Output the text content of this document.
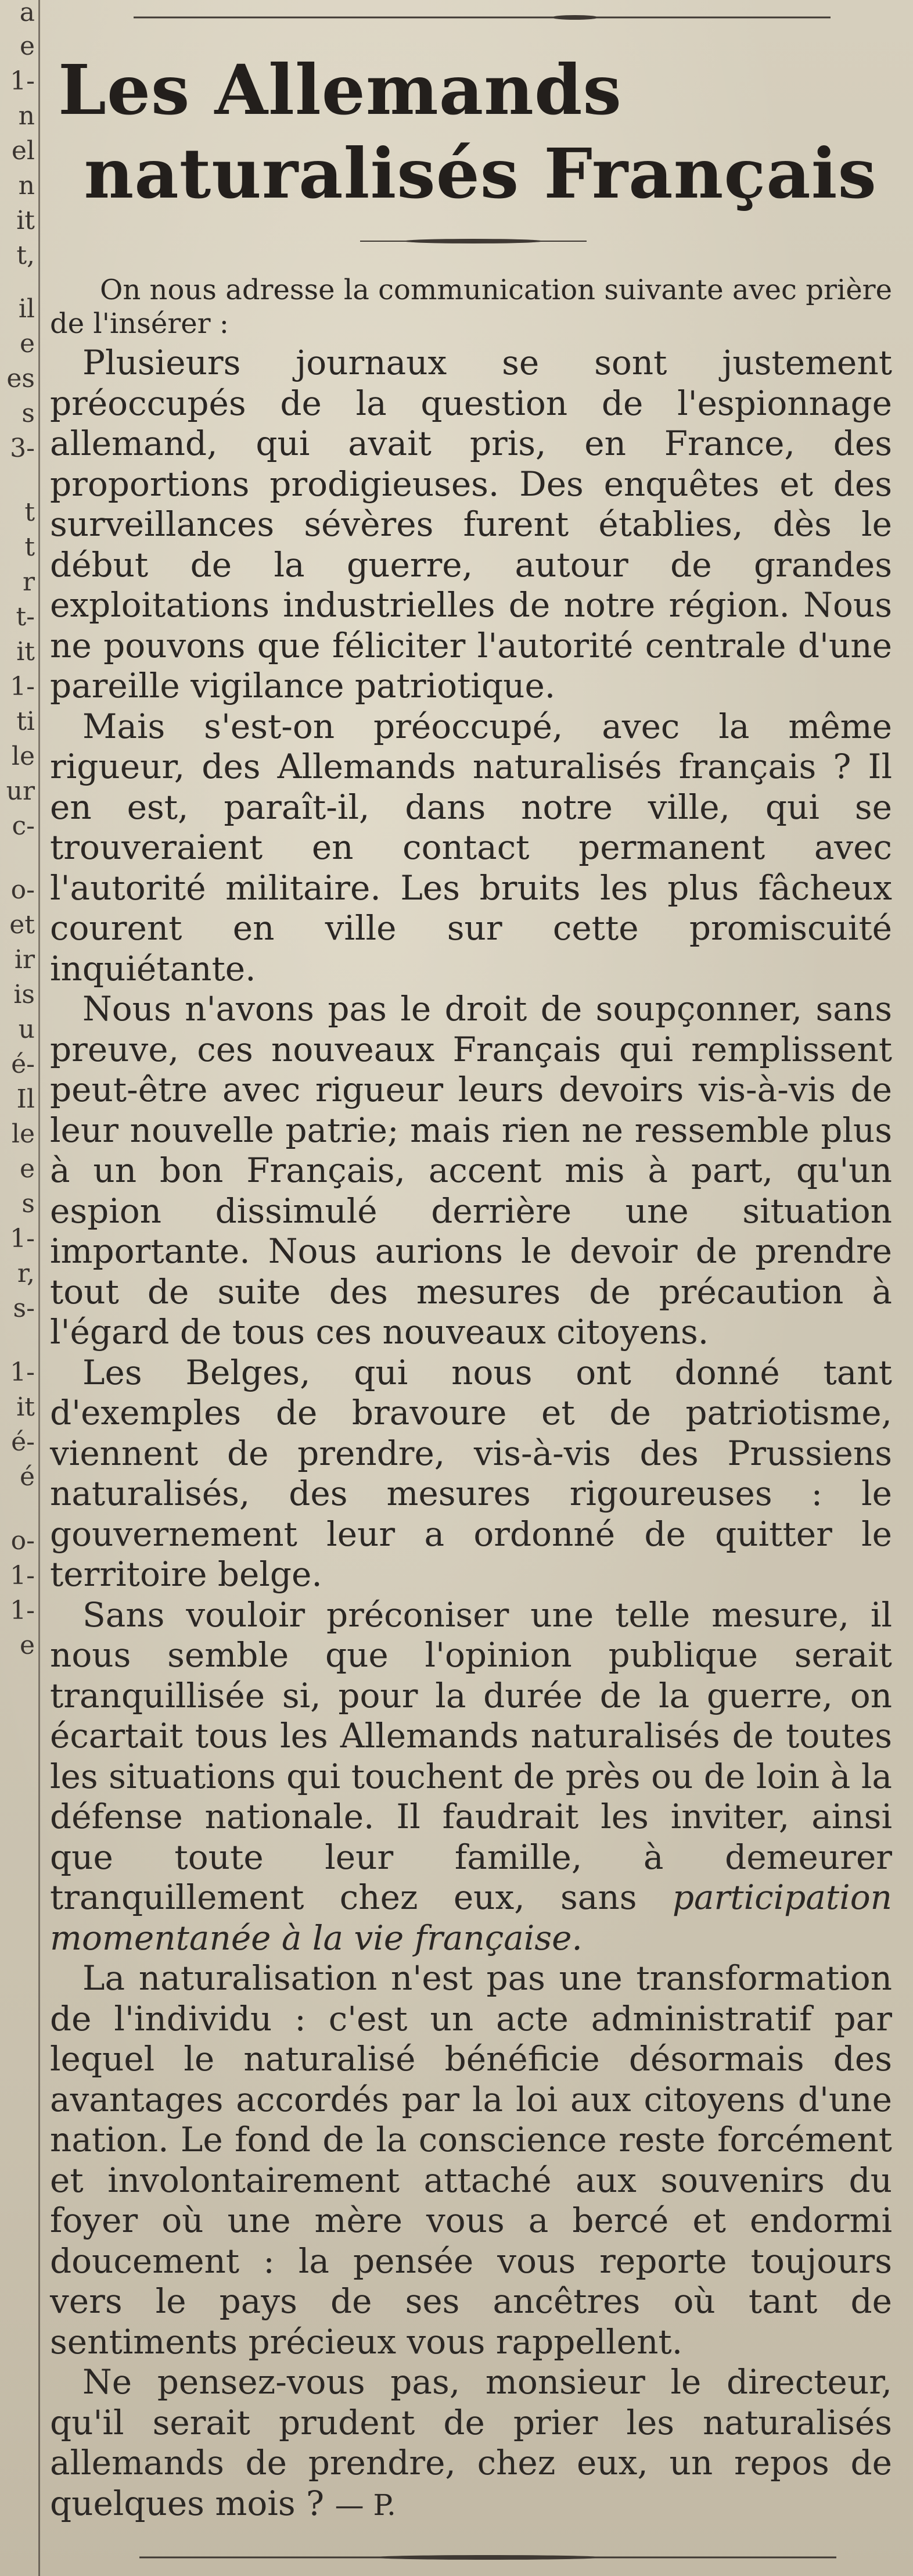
a
e
1-
n
el
n
it
t,
il
e
es
s
3-
t
t
r
t-
it
1-
ti
le
ur
c-
o-
et
ir
is
u
é-
Il
le
e
s
1-
r,
s-
1-
it
é-
é
o-
1-
1-
e
Les Allemands
naturalisés Français

On nous adresse la communication suivante avec prière de l'insérer :

Plusieurs journaux se sont justement préoccupés de la question de l'espionnage allemand, qui avait pris, en France, des proportions prodigieuses. Des enquêtes et des surveillances sévères furent établies, dès le début de la guerre, autour de grandes exploitations industrielles de notre région. Nous ne pouvons que féliciter l'autorité centrale d'une pareille vigilance patriotique.

Mais s'est-on préoccupé, avec la même rigueur, des Allemands naturalisés français ? Il en est, paraît-il, dans notre ville, qui se trouveraient en contact permanent avec l'autorité militaire. Les bruits les plus fâcheux courent en ville sur cette promiscuité inquiétante.

Nous n'avons pas le droit de soupçonner, sans preuve, ces nouveaux Français qui remplissent peut-être avec rigueur leurs devoirs vis-à-vis de leur nouvelle patrie; mais rien ne ressemble plus à un bon Français, accent mis à part, qu'un espion dissimulé derrière une situation importante. Nous aurions le devoir de prendre tout de suite des mesures de précaution à l'égard de tous ces nouveaux citoyens.

Les Belges, qui nous ont donné tant d'exemples de bravoure et de patriotisme, viennent de prendre, vis-à-vis des Prussiens naturalisés, des mesures rigoureuses : le gouvernement leur a ordonné de quitter le territoire belge.

Sans vouloir préconiser une telle mesure, il nous semble que l'opinion publique serait tranquillisée si, pour la durée de la guerre, on écartait tous les Allemands naturalisés de toutes les situations qui touchent de près ou de loin à la défense nationale. Il faudrait les inviter, ainsi que toute leur famille, à demeurer tranquillement chez eux, sans participation momentanée à la vie française.

La naturalisation n'est pas une transformation de l'individu : c'est un acte administratif par lequel le naturalisé bénéficie désormais des avantages accordés par la loi aux citoyens d'une nation. Le fond de la conscience reste forcément et involontairement attaché aux souvenirs du foyer où une mère vous a bercé et endormi doucement : la pensée vous reporte toujours vers le pays de ses ancêtres où tant de sentiments précieux vous rappellent.

Ne pensez-vous pas, monsieur le directeur, qu'il serait prudent de prier les naturalisés allemands de prendre, chez eux, un repos de quelques mois ? — P.
